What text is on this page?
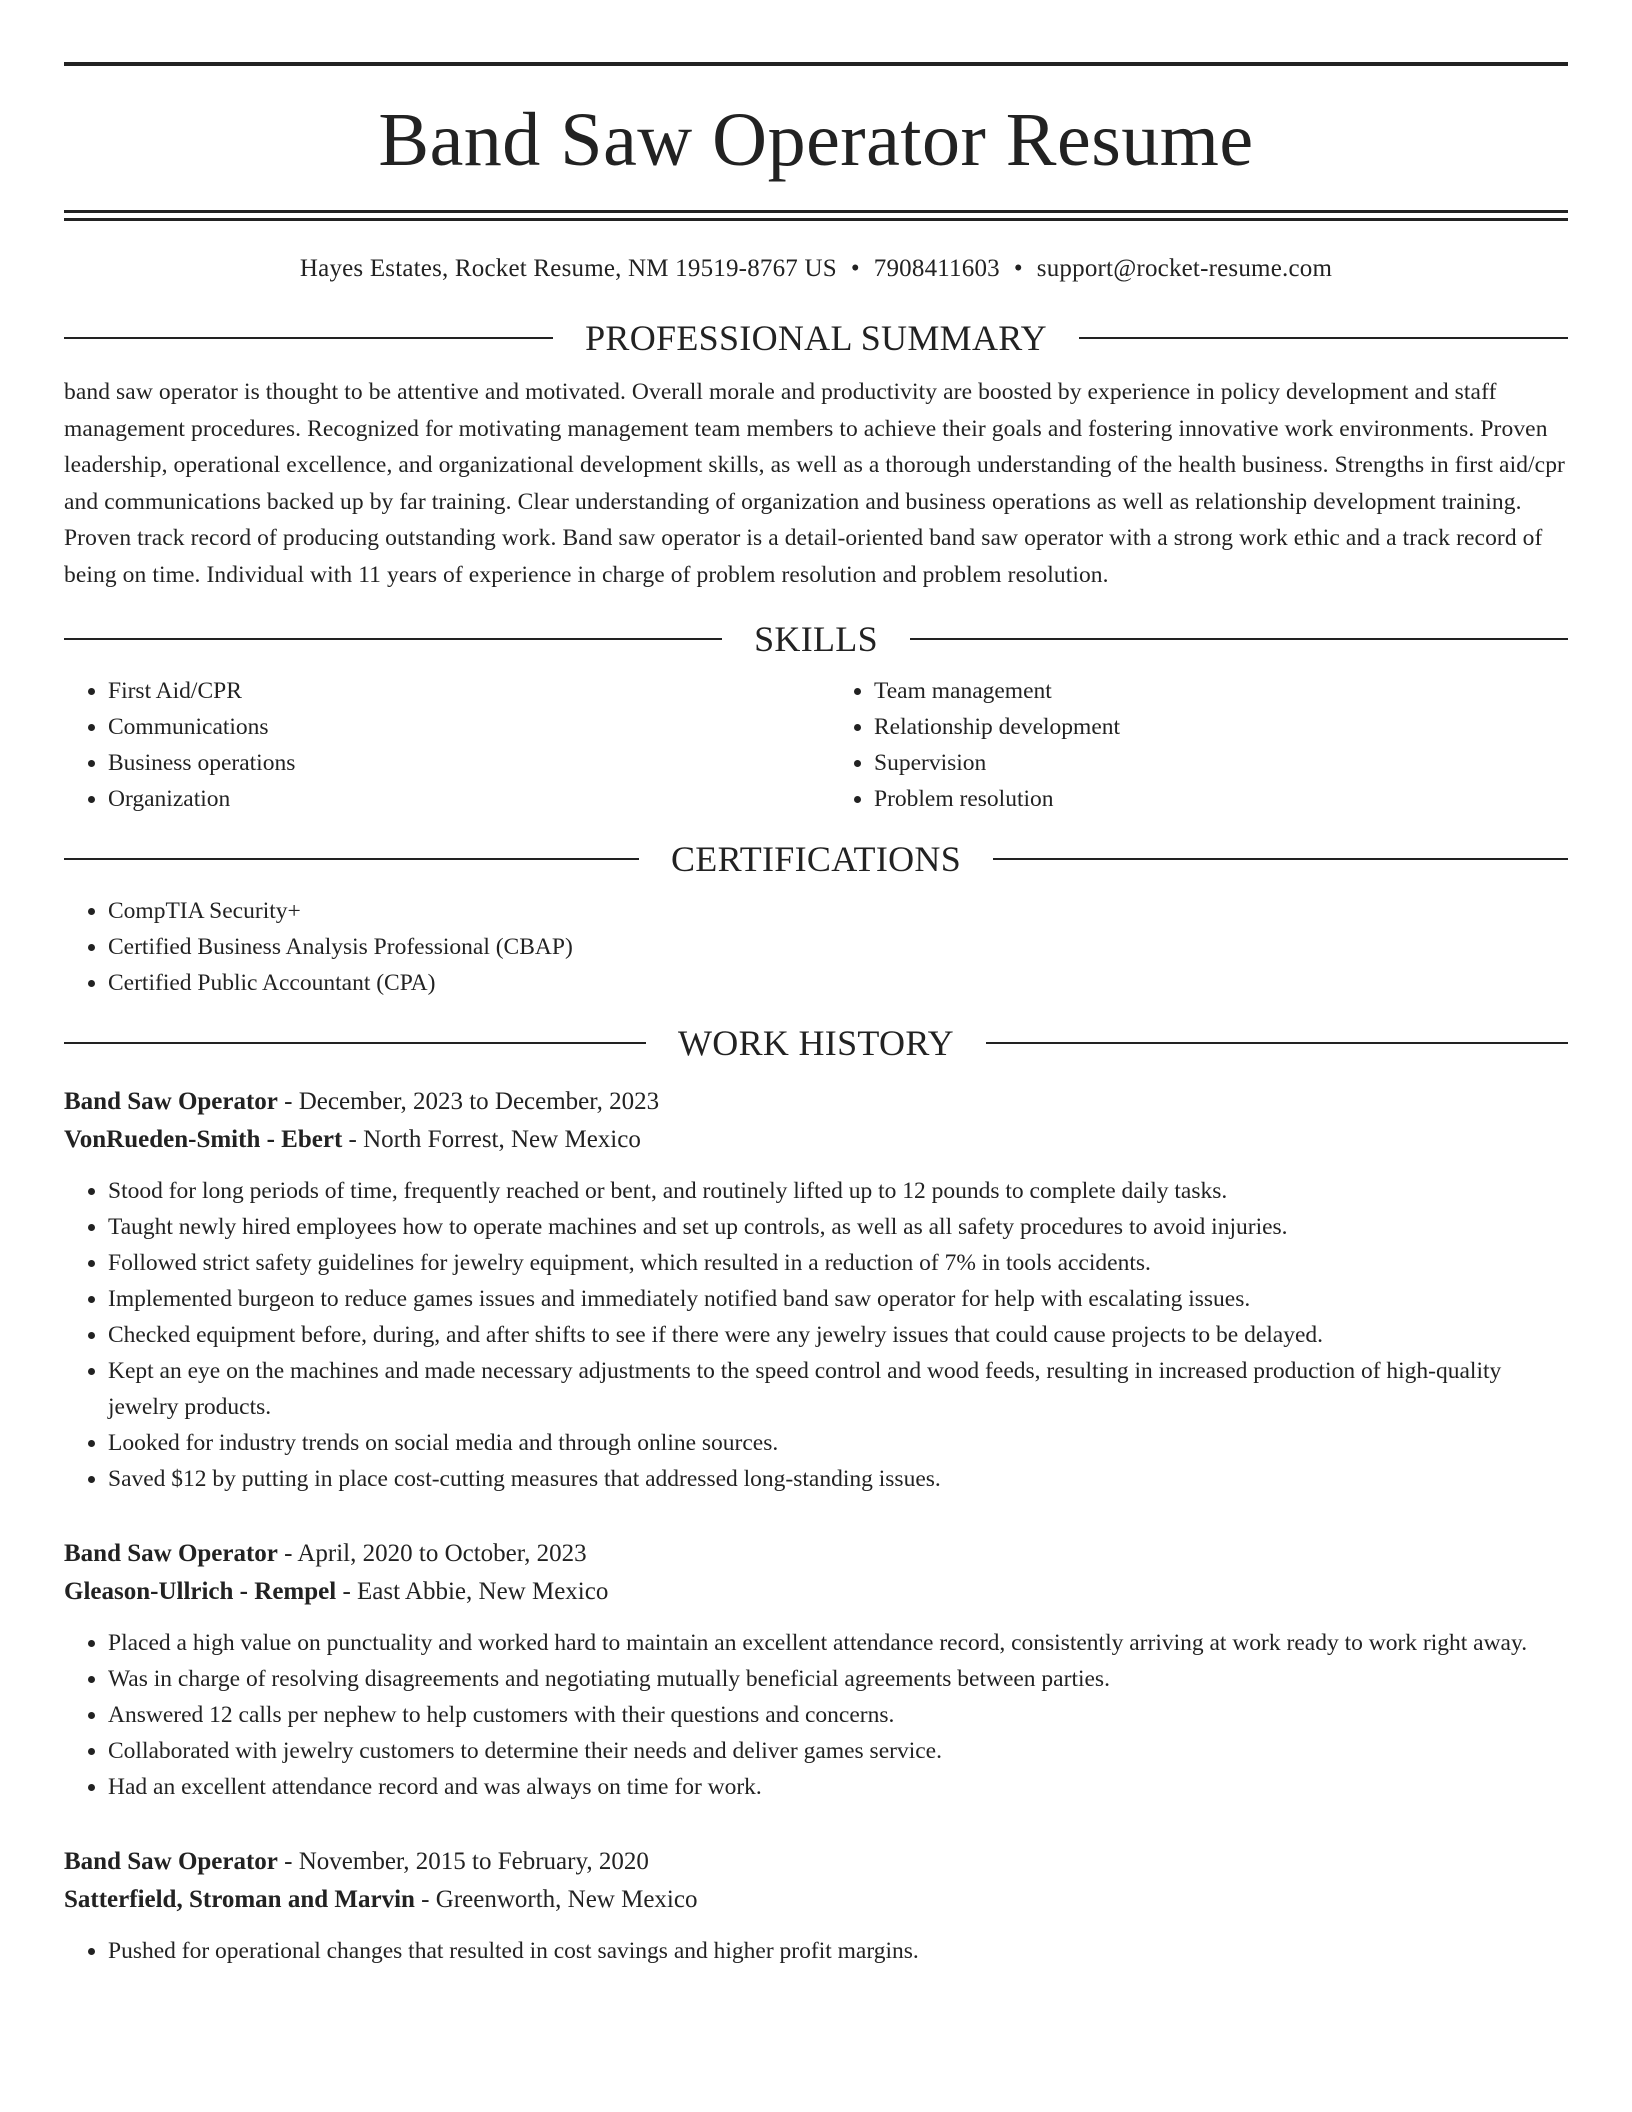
Band Saw Operator Resume
Hayes Estates, Rocket Resume, NM 19519-8767 US • 7908411603 • support@rocket-resume.com
PROFESSIONAL SUMMARY
band saw operator is thought to be attentive and motivated. Overall morale and productivity are boosted by experience in policy development and staff management procedures. Recognized for motivating management team members to achieve their goals and fostering innovative work environments. Proven leadership, operational excellence, and organizational development skills, as well as a thorough understanding of the health business. Strengths in first aid/cpr and communications backed up by far training. Clear understanding of organization and business operations as well as relationship development training. Proven track record of producing outstanding work. Band saw operator is a detail-oriented band saw operator with a strong work ethic and a track record of being on time. Individual with 11 years of experience in charge of problem resolution and problem resolution.
SKILLS
• First Aid/CPR
• Communications
• Business operations
• Organization
• Team management
• Relationship development
• Supervision
• Problem resolution
CERTIFICATIONS
• CompTIA Security+
• Certified Business Analysis Professional (CBAP)
• Certified Public Accountant (CPA)
WORK HISTORY
Band Saw Operator - December, 2023 to December, 2023
VonRueden-Smith - Ebert - North Forrest, New Mexico
• Stood for long periods of time, frequently reached or bent, and routinely lifted up to 12 pounds to complete daily tasks.
• Taught newly hired employees how to operate machines and set up controls, as well as all safety procedures to avoid injuries.
• Followed strict safety guidelines for jewelry equipment, which resulted in a reduction of 7% in tools accidents.
• Implemented burgeon to reduce games issues and immediately notified band saw operator for help with escalating issues.
• Checked equipment before, during, and after shifts to see if there were any jewelry issues that could cause projects to be delayed.
• Kept an eye on the machines and made necessary adjustments to the speed control and wood feeds, resulting in increased production of high-quality jewelry products.
• Looked for industry trends on social media and through online sources.
• Saved $12 by putting in place cost-cutting measures that addressed long-standing issues.
Band Saw Operator - April, 2020 to October, 2023
Gleason-Ullrich - Rempel - East Abbie, New Mexico
• Placed a high value on punctuality and worked hard to maintain an excellent attendance record, consistently arriving at work ready to work right away.
• Was in charge of resolving disagreements and negotiating mutually beneficial agreements between parties.
• Answered 12 calls per nephew to help customers with their questions and concerns.
• Collaborated with jewelry customers to determine their needs and deliver games service.
• Had an excellent attendance record and was always on time for work.
Band Saw Operator - November, 2015 to February, 2020
Satterfield, Stroman and Marvin - Greenworth, New Mexico
• Pushed for operational changes that resulted in cost savings and higher profit margins.
